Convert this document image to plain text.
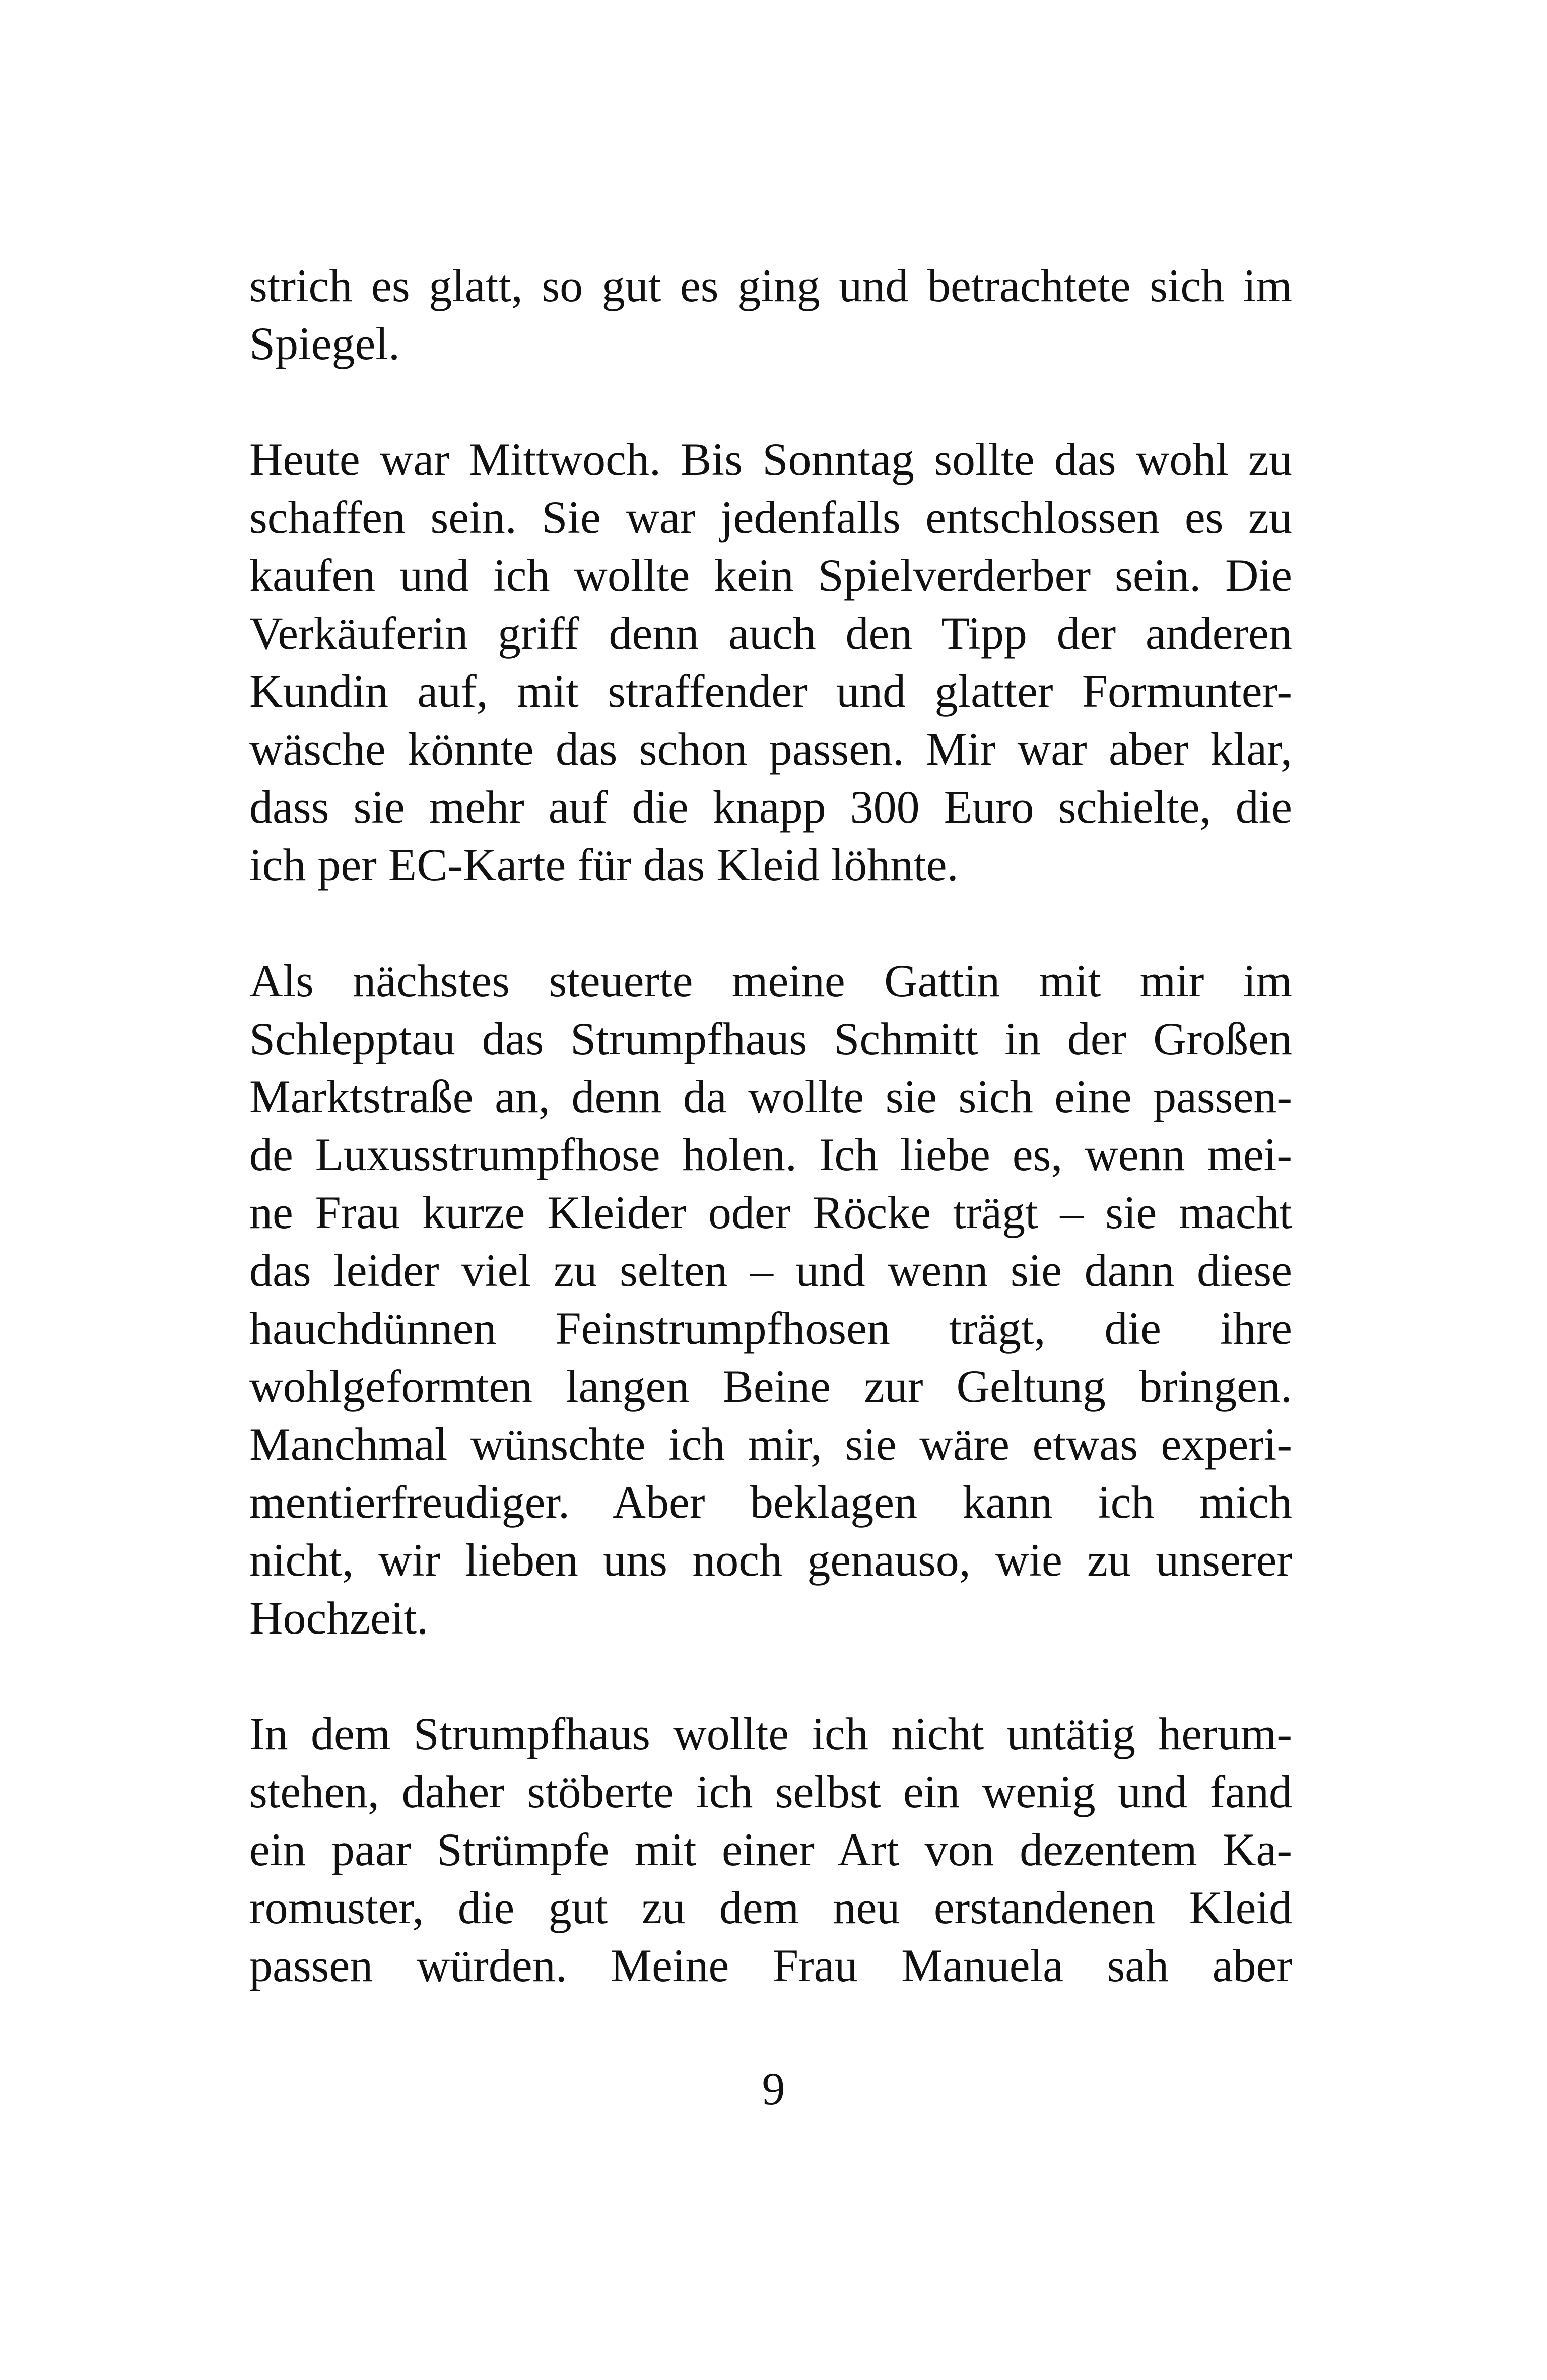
strich es glatt, so gut es ging und betrachtete sich im
Spiegel.
Heute war Mittwoch. Bis Sonntag sollte das wohl zu
schaffen sein. Sie war jedenfalls entschlossen es zu
kaufen und ich wollte kein Spielverderber sein. Die
Verkäuferin griff denn auch den Tipp der anderen
Kundin auf, mit straffender und glatter Formunter-
wäsche könnte das schon passen. Mir war aber klar,
dass sie mehr auf die knapp 300 Euro schielte, die
ich per EC-Karte für das Kleid löhnte.
Als nächstes steuerte meine Gattin mit mir im
Schlepptau das Strumpfhaus Schmitt in der Großen
Marktstraße an, denn da wollte sie sich eine passen-
de Luxusstrumpfhose holen. Ich liebe es, wenn mei-
ne Frau kurze Kleider oder Röcke trägt – sie macht
das leider viel zu selten – und wenn sie dann diese
hauchdünnen Feinstrumpfhosen trägt, die ihre
wohlgeformten langen Beine zur Geltung bringen.
Manchmal wünschte ich mir, sie wäre etwas experi-
mentierfreudiger. Aber beklagen kann ich mich
nicht, wir lieben uns noch genauso, wie zu unserer
Hochzeit.
In dem Strumpfhaus wollte ich nicht untätig herum-
stehen, daher stöberte ich selbst ein wenig und fand
ein paar Strümpfe mit einer Art von dezentem Ka-
romuster, die gut zu dem neu erstandenen Kleid
passen würden. Meine Frau Manuela sah aber
9
